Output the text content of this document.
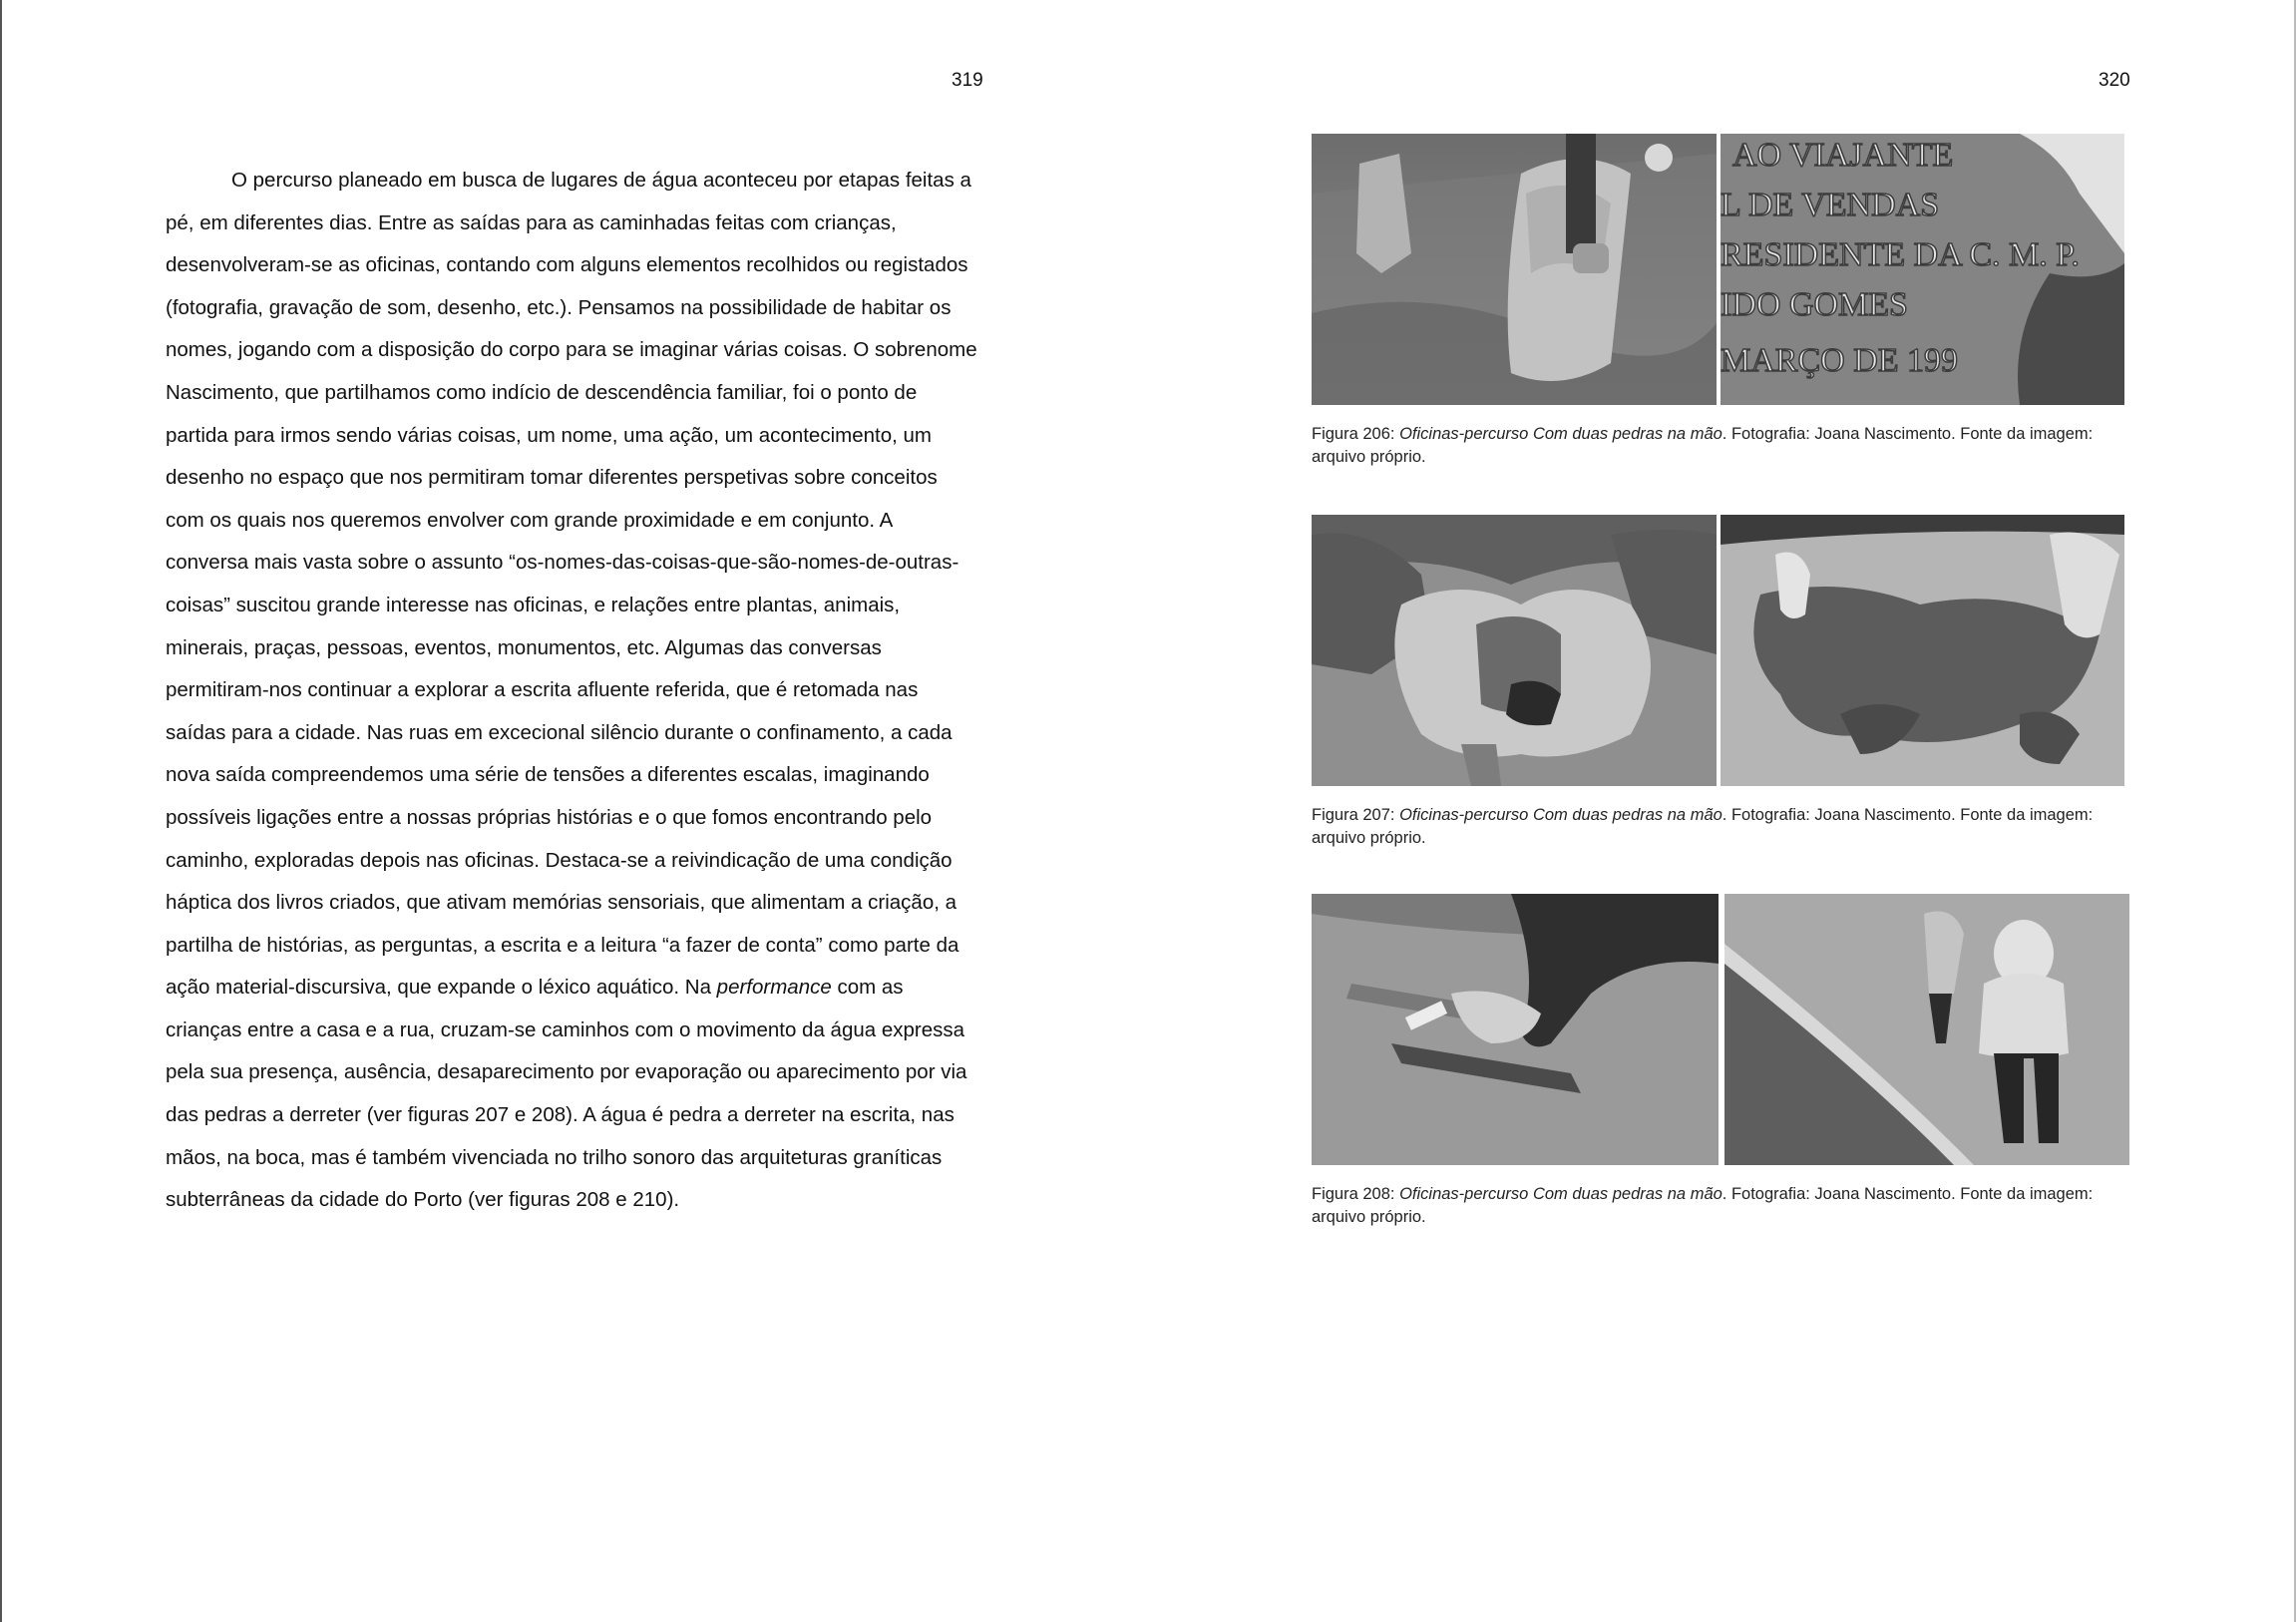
319	320

O percurso planeado em busca de lugares de água aconteceu por etapas feitas a
pé, em diferentes dias. Entre as saídas para as caminhadas feitas com crianças,
desenvolveram-se as oficinas, contando com alguns elementos recolhidos ou registados
(fotografia, gravação de som, desenho, etc.). Pensamos na possibilidade de habitar os
nomes, jogando com a disposição do corpo para se imaginar várias coisas. O sobrenome
Nascimento, que partilhamos como indício de descendência familiar, foi o ponto de
partida para irmos sendo várias coisas, um nome, uma ação, um acontecimento, um
desenho no espaço que nos permitiram tomar diferentes perspetivas sobre conceitos
com os quais nos queremos envolver com grande proximidade e em conjunto. A
conversa mais vasta sobre o assunto “os-nomes-das-coisas-que-são-nomes-de-outras-
coisas” suscitou grande interesse nas oficinas, e relações entre plantas, animais,
minerais, praças, pessoas, eventos, monumentos, etc. Algumas das conversas
permitiram-nos continuar a explorar a escrita afluente referida, que é retomada nas
saídas para a cidade. Nas ruas em excecional silêncio durante o confinamento, a cada
nova saída compreendemos uma série de tensões a diferentes escalas, imaginando
possíveis ligações entre a nossas próprias histórias e o que fomos encontrando pelo
caminho, exploradas depois nas oficinas. Destaca-se a reivindicação de uma condição
háptica dos livros criados, que ativam memórias sensoriais, que alimentam a criação, a
partilha de histórias, as perguntas, a escrita e a leitura “a fazer de conta” como parte da
ação material-discursiva, que expande o léxico aquático. Na performance com as
crianças entre a casa e a rua, cruzam-se caminhos com o movimento da água expressa
pela sua presença, ausência, desaparecimento por evaporação ou aparecimento por via
das pedras a derreter (ver figuras 207 e 208). A água é pedra a derreter na escrita, nas
mãos, na boca, mas é também vivenciada no trilho sonoro das arquiteturas graníticas
subterrâneas da cidade do Porto (ver figuras 208 e 210).

AO VIAJANTE
L DE VENDAS
RESIDENTE DA C. M. P.
IDO GOMES
MARÇO DE 199
Figura 206: Oficinas-percurso Com duas pedras na mão. Fotografia: Joana Nascimento. Fonte da imagem:
arquivo próprio.
Figura 207: Oficinas-percurso Com duas pedras na mão. Fotografia: Joana Nascimento. Fonte da imagem:
arquivo próprio.
Figura 208: Oficinas-percurso Com duas pedras na mão. Fotografia: Joana Nascimento. Fonte da imagem:
arquivo próprio.
